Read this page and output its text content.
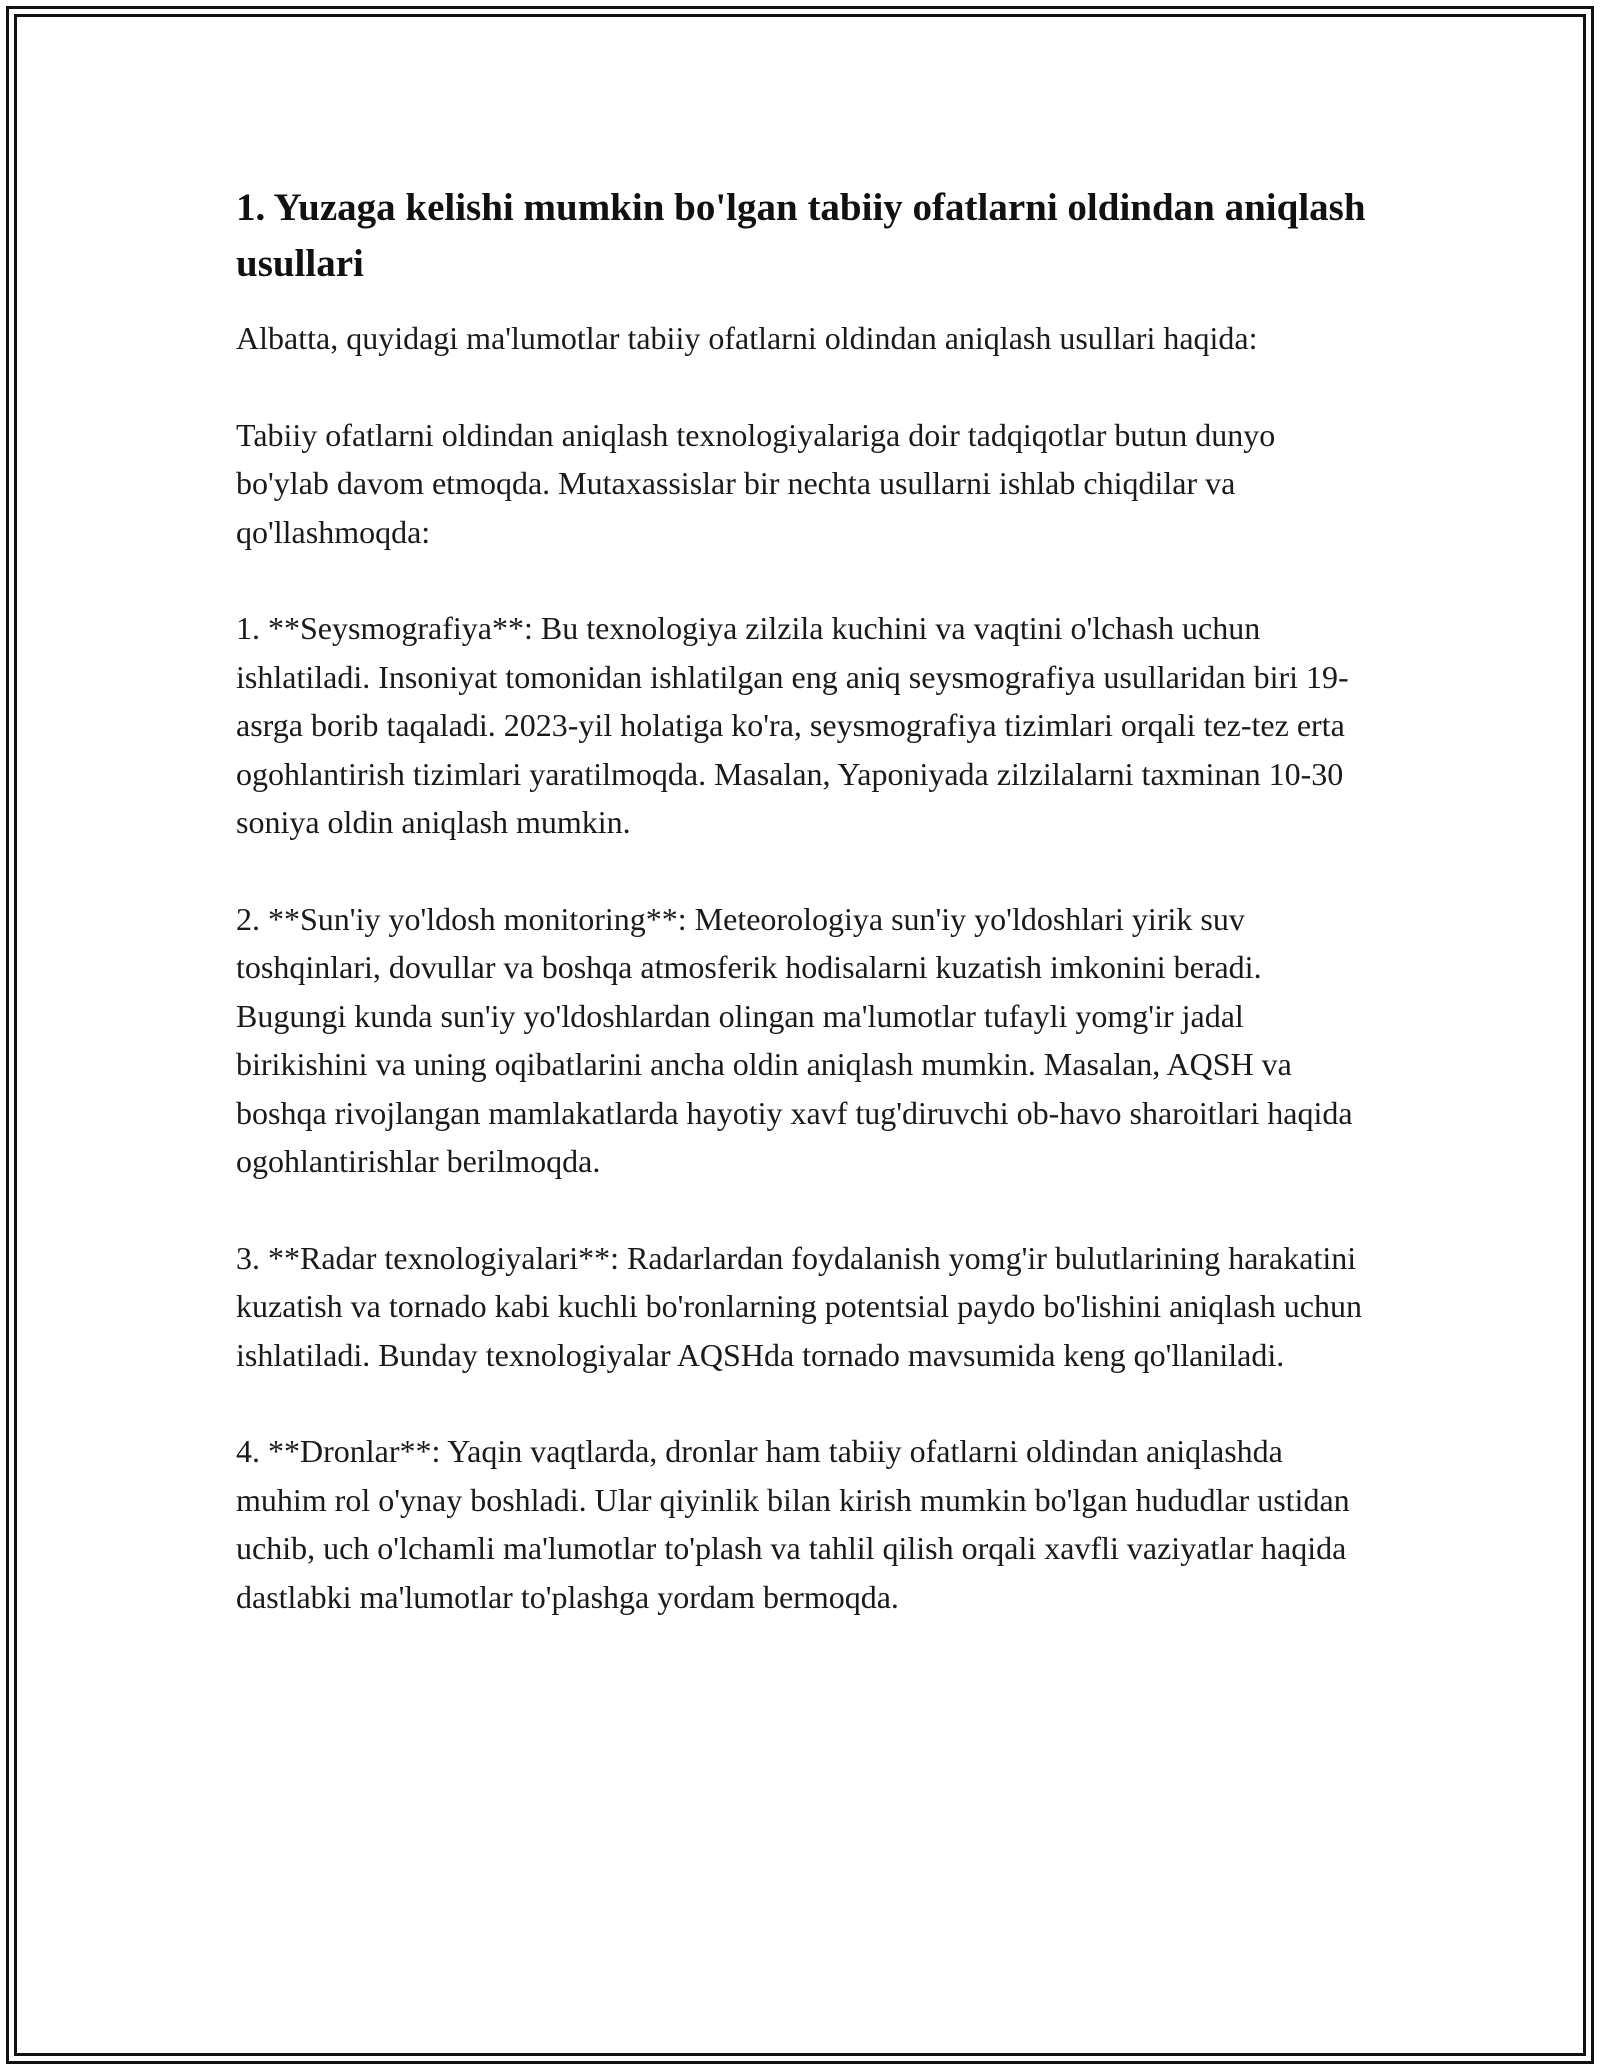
1. Yuzaga kelishi mumkin bo'lgan tabiiy ofatlarni oldindan aniqlash usullari

Albatta, quyidagi ma'lumotlar tabiiy ofatlarni oldindan aniqlash usullari haqida:

Tabiiy ofatlarni oldindan aniqlash texnologiyalariga doir tadqiqotlar butun dunyo bo'ylab davom etmoqda. Mutaxassislar bir nechta usullarni ishlab chiqdilar va qo'llashmoqda:

1. **Seysmografiya**: Bu texnologiya zilzila kuchini va vaqtini o'lchash uchun ishlatiladi. Insoniyat tomonidan ishlatilgan eng aniq seysmografiya usullaridan biri 19-asrga borib taqaladi. 2023-yil holatiga ko'ra, seysmografiya tizimlari orqali tez-tez erta ogohlantirish tizimlari yaratilmoqda. Masalan, Yaponiyada zilzilalarni taxminan 10-30 soniya oldin aniqlash mumkin.

2. **Sun'iy yo'ldosh monitoring**: Meteorologiya sun'iy yo'ldoshlari yirik suv toshqinlari, dovullar va boshqa atmosferik hodisalarni kuzatish imkonini beradi. Bugungi kunda sun'iy yo'ldoshlardan olingan ma'lumotlar tufayli yomg'ir jadal birikishini va uning oqibatlarini ancha oldin aniqlash mumkin. Masalan, AQSH va boshqa rivojlangan mamlakatlarda hayotiy xavf tug'diruvchi ob-havo sharoitlari haqida ogohlantirishlar berilmoqda.

3. **Radar texnologiyalari**: Radarlardan foydalanish yomg'ir bulutlarining harakatini kuzatish va tornado kabi kuchli bo'ronlarning potentsial paydo bo'lishini aniqlash uchun ishlatiladi. Bunday texnologiyalar AQSHda tornado mavsumida keng qo'llaniladi.

4. **Dronlar**: Yaqin vaqtlarda, dronlar ham tabiiy ofatlarni oldindan aniqlashda muhim rol o'ynay boshladi. Ular qiyinlik bilan kirish mumkin bo'lgan hududlar ustidan uchib, uch o'lchamli ma'lumotlar to'plash va tahlil qilish orqali xavfli vaziyatlar haqida dastlabki ma'lumotlar to'plashga yordam bermoqda.
